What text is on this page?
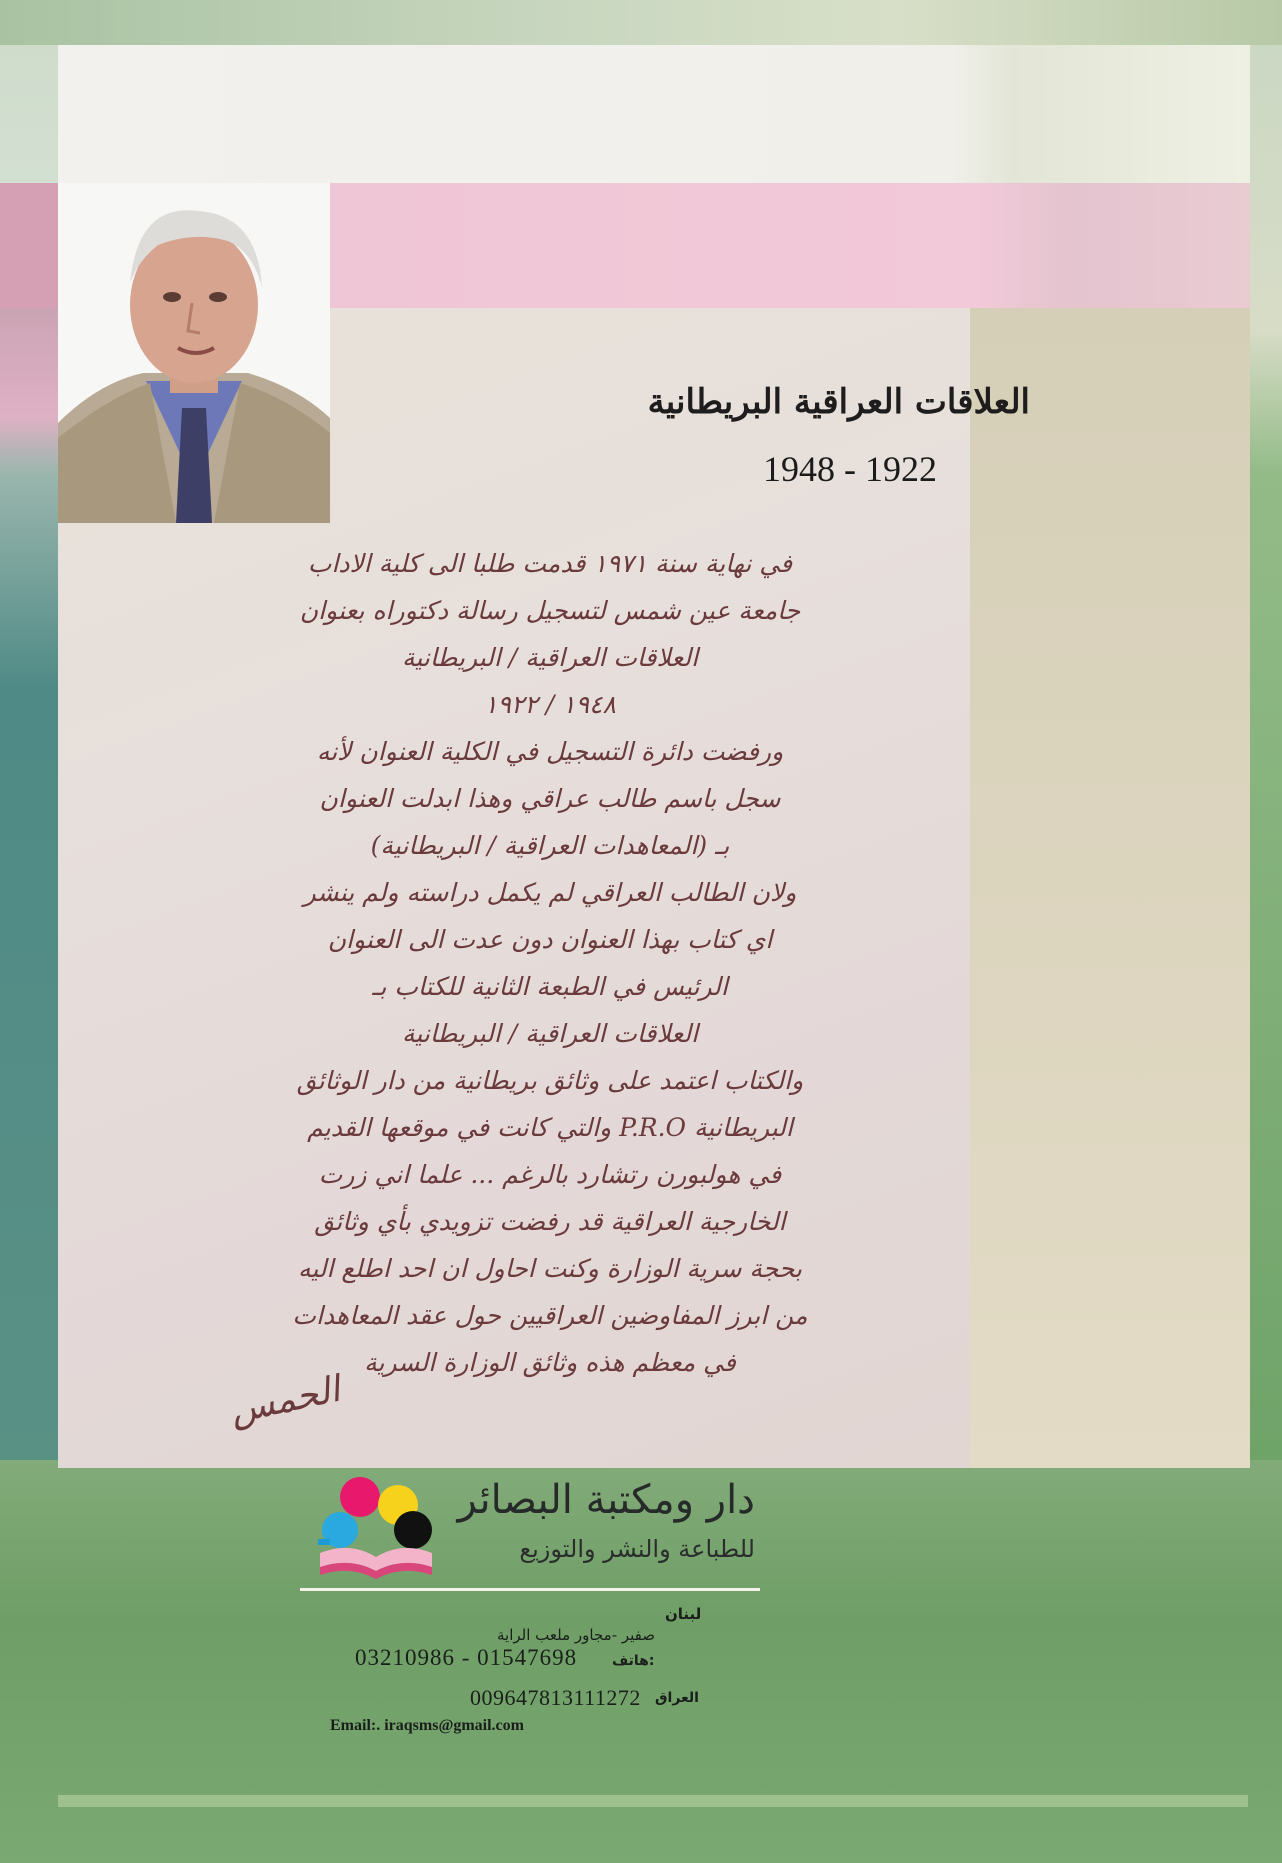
العلاقات العراقية البريطانية
1948 - 1922
في نهاية سنة ١٩٧١ قدمت طلبا الى كلية الاداب
جامعة عين شمس لتسجيل رسالة دكتوراه بعنوان
العلاقات العراقية / البريطانية
١٩٤٨ / ١٩٢٢
ورفضت دائرة التسجيل في الكلية العنوان لأنه
سجل باسم طالب عراقي وهذا ابدلت العنوان
بـ (المعاهدات العراقية / البريطانية)
ولان الطالب العراقي لم يكمل دراسته ولم ينشر
اي كتاب بهذا العنوان دون عدت الى العنوان
الرئيس في الطبعة الثانية للكتاب بـ
العلاقات العراقية / البريطانية
والكتاب اعتمد على وثائق بريطانية من دار الوثائق
البريطانية P.R.O والتي كانت في موقعها القديم
في هولبورن رتشارد بالرغم ... علما اني زرت
الخارجية العراقية قد رفضت تزويدي بأي وثائق
بحجة سرية الوزارة وكنت احاول ان احد اطلع اليه
من ابرز المفاوضين العراقيين حول عقد المعاهدات
في معظم هذه وثائق الوزارة السرية
الحمس
دار ومكتبة البصائر
للطباعة والنشر والتوزيع
لبنان
صفير -مجاور ملعب الراية
03210986 - 01547698 هاتف:
009647813111272 العراق
Email:. iraqsms@gmail.com
